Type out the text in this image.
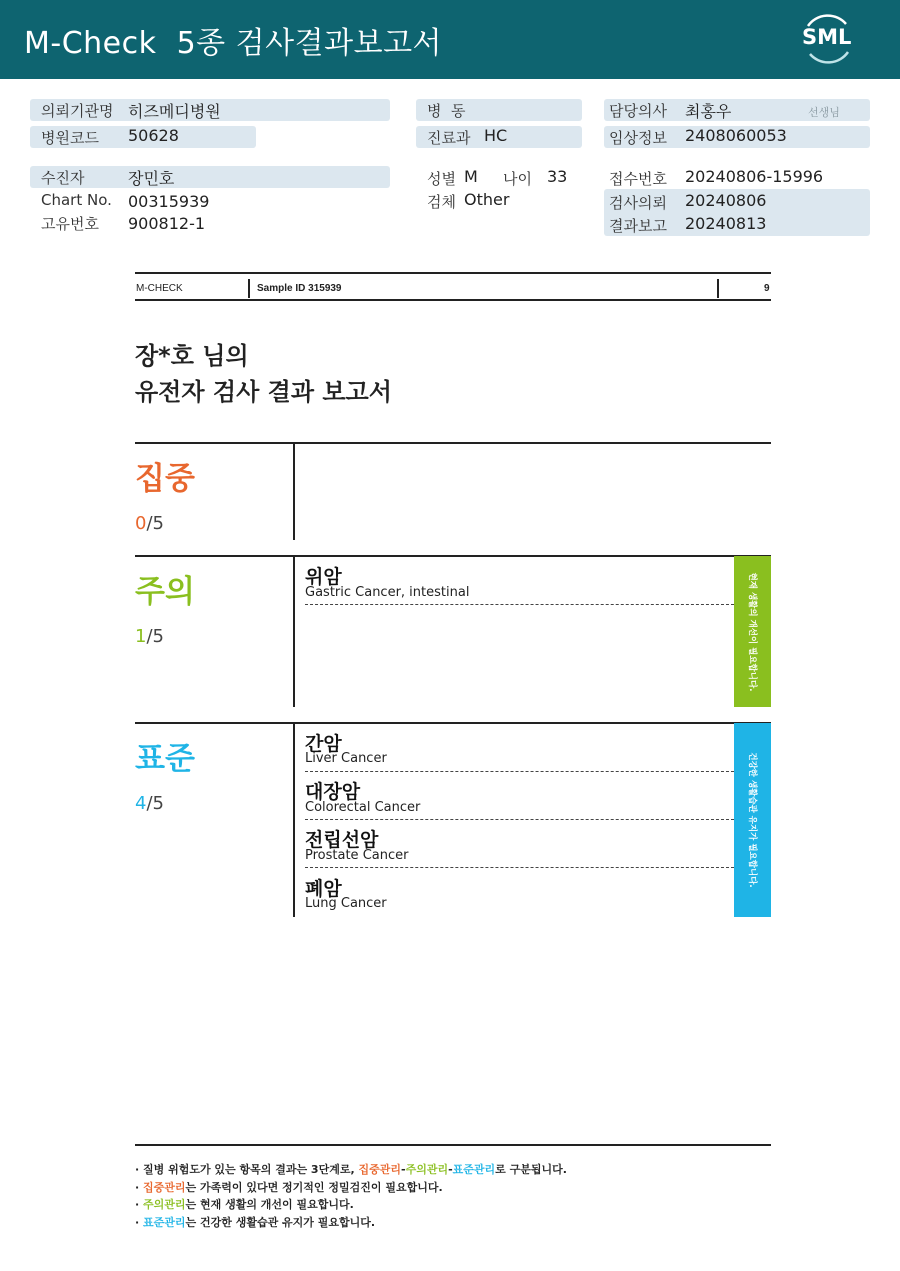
M-Check  5종 검사결과보고서	SML
의뢰기관명 히즈메디병원
병원코드 50628
병  동
진료과 HC
담당의사 최홍우	선생님
임상정보 2408060053
수진자	장민호
Chart No. 00315939
고유번호 900812-1
성별 M 나이 33
검체 Other
접수번호 20240806-15996
검사의뢰 20240806
결과보고 20240813
M-CHECK	Sample ID 315939	9
장*호 님의
유전자 검사 결과 보고서
집중
0/5
주의
1/5
위암
Gastric Cancer, intestinal	현재 생활의 개선이 필요합니다.
표준
4/5
간암
Liver Cancer
대장암
Colorectal Cancer
전립선암
Prostate Cancer
폐암
Lung Cancer
건강한 생활습관 유지가 필요합니다.
· 질병 위험도가 있는 항목의 결과는 3단계로, 집중관리-주의관리-표준관리로 구분됩니다.
· 집중관리는 가족력이 있다면 정기적인 정밀검진이 필요합니다.
· 주의관리는 현재 생활의 개선이 필요합니다.
· 표준관리는 건강한 생활습관 유지가 필요합니다.
